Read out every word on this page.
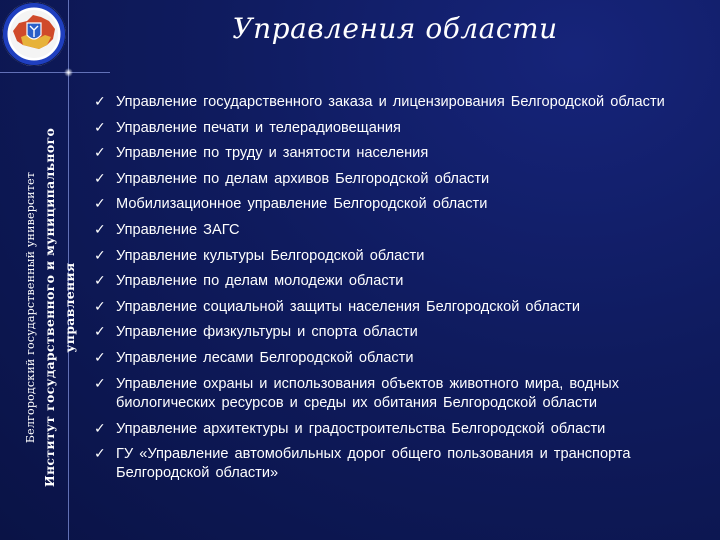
Белгородский государственный университет Институт государственного и муниципального управления
Управления области
✓ Управление государственного заказа и лицензирования Белгородской области
✓ Управление печати и телерадиовещания
✓ Управление по труду и занятости населения
✓ Управление по делам архивов Белгородской области
✓ Мобилизационное управление Белгородской области
✓ Управление ЗАГС
✓ Управление культуры Белгородской области
✓ Управление по делам молодежи области
✓ Управление социальной защиты населения Белгородской области
✓ Управление физкультуры и спорта области
✓ Управление лесами Белгородской области
✓ Управление охраны и использования объектов животного мира, водных биологических ресурсов и среды их обитания Белгородской области
✓ Управление архитектуры и градостроительства Белгородской области
✓ ГУ «Управление автомобильных дорог общего пользования и транспорта Белгородской области»
